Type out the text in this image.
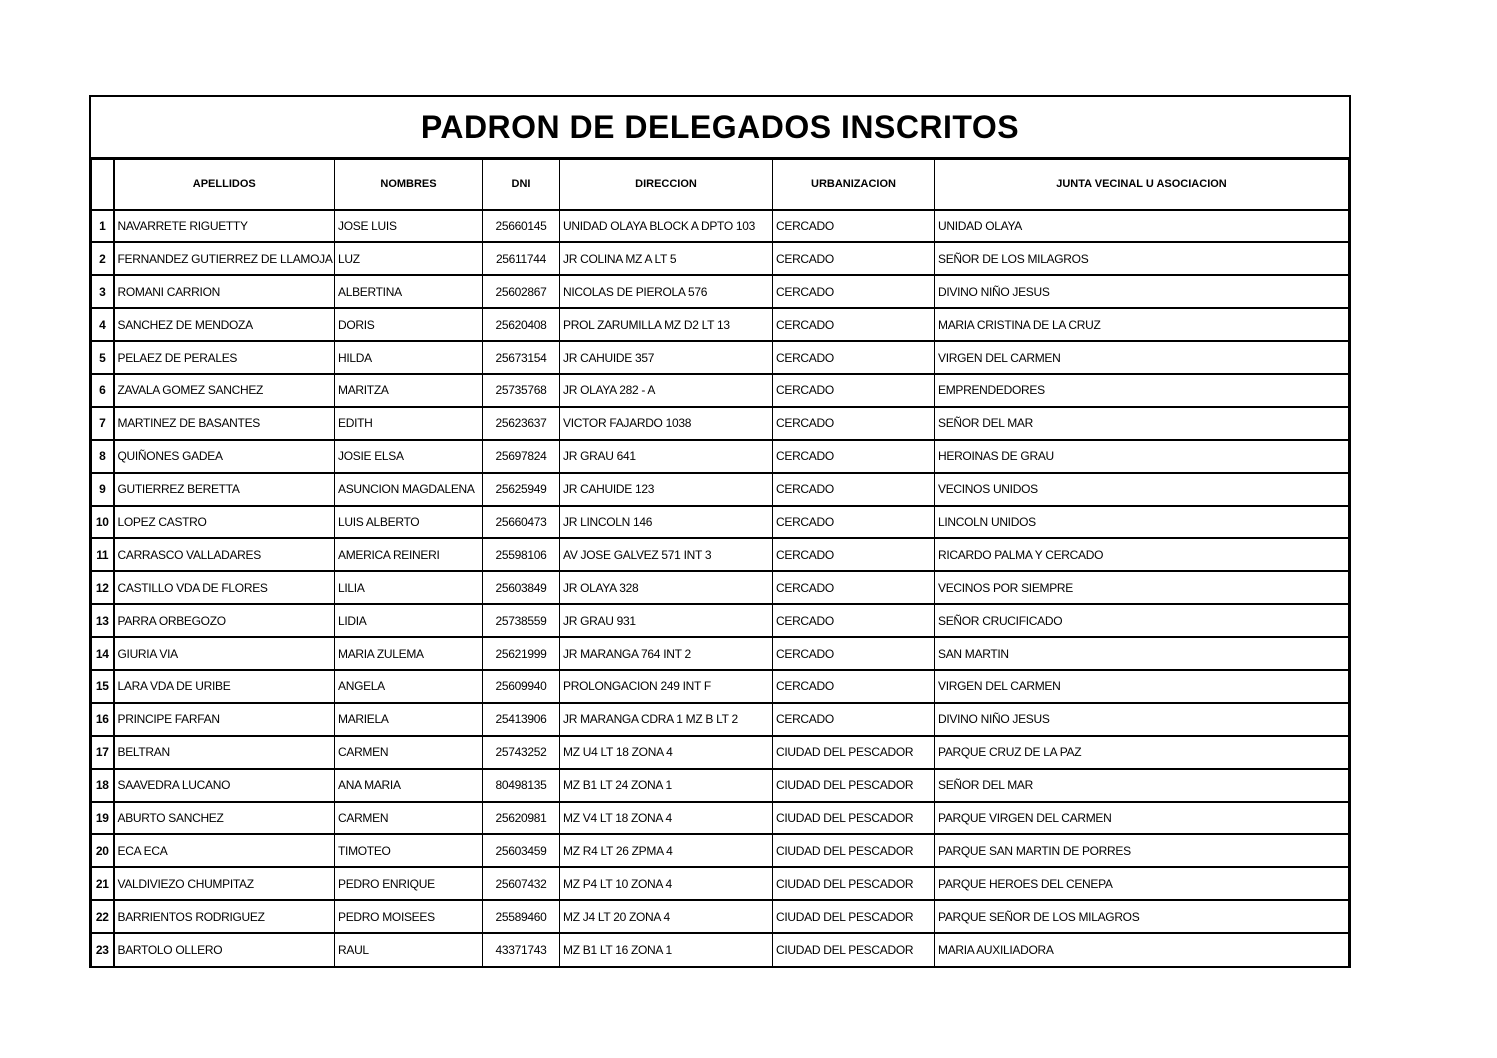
PADRON DE DELEGADOS INSCRITOS
	APELLIDOS	NOMBRES	DNI	DIRECCION	URBANIZACION	JUNTA VECINAL U ASOCIACION
1	NAVARRETE RIGUETTY	JOSE LUIS	25660145	UNIDAD OLAYA BLOCK A DPTO 103	CERCADO	UNIDAD OLAYA
2	FERNANDEZ GUTIERREZ DE LLAMOJA	LUZ	25611744	JR COLINA MZ A LT 5	CERCADO	SEÑOR DE LOS MILAGROS
3	ROMANI CARRION	ALBERTINA	25602867	NICOLAS DE PIEROLA 576	CERCADO	DIVINO NIÑO JESUS
4	SANCHEZ DE MENDOZA	DORIS	25620408	PROL ZARUMILLA MZ D2 LT 13	CERCADO	MARIA CRISTINA DE LA CRUZ
5	PELAEZ DE PERALES	HILDA	25673154	JR CAHUIDE 357	CERCADO	VIRGEN DEL CARMEN
6	ZAVALA GOMEZ SANCHEZ	MARITZA	25735768	JR OLAYA 282 - A	CERCADO	EMPRENDEDORES
7	MARTINEZ DE BASANTES	EDITH	25623637	VICTOR FAJARDO 1038	CERCADO	SEÑOR DEL MAR
8	QUIÑONES GADEA	JOSIE ELSA	25697824	JR GRAU 641	CERCADO	HEROINAS DE GRAU
9	GUTIERREZ BERETTA	ASUNCION MAGDALENA	25625949	JR CAHUIDE 123	CERCADO	VECINOS UNIDOS
10	LOPEZ CASTRO	LUIS ALBERTO	25660473	JR LINCOLN 146	CERCADO	LINCOLN UNIDOS
11	CARRASCO VALLADARES	AMERICA REINERI	25598106	AV JOSE GALVEZ 571 INT 3	CERCADO	RICARDO PALMA Y CERCADO
12	CASTILLO VDA DE FLORES	LILIA	25603849	JR OLAYA 328	CERCADO	VECINOS POR SIEMPRE
13	PARRA ORBEGOZO	LIDIA	25738559	JR GRAU 931	CERCADO	SEÑOR CRUCIFICADO
14	GIURIA VIA	MARIA ZULEMA	25621999	JR MARANGA 764 INT 2	CERCADO	SAN MARTIN
15	LARA VDA DE URIBE	ANGELA	25609940	PROLONGACION 249 INT F	CERCADO	VIRGEN DEL CARMEN
16	PRINCIPE FARFAN	MARIELA	25413906	JR MARANGA CDRA 1 MZ B LT 2	CERCADO	DIVINO NIÑO JESUS
17	BELTRAN	CARMEN	25743252	MZ U4 LT 18 ZONA 4	CIUDAD DEL PESCADOR	PARQUE CRUZ DE LA PAZ
18	SAAVEDRA LUCANO	ANA MARIA	80498135	MZ B1 LT 24 ZONA 1	CIUDAD DEL PESCADOR	SEÑOR DEL MAR
19	ABURTO SANCHEZ	CARMEN	25620981	MZ V4 LT 18 ZONA 4	CIUDAD DEL PESCADOR	PARQUE VIRGEN DEL CARMEN
20	ECA ECA	TIMOTEO	25603459	MZ R4 LT 26 ZPMA 4	CIUDAD DEL PESCADOR	PARQUE SAN MARTIN DE PORRES
21	VALDIVIEZO CHUMPITAZ	PEDRO ENRIQUE	25607432	MZ P4 LT 10 ZONA 4	CIUDAD DEL PESCADOR	PARQUE HEROES DEL CENEPA
22	BARRIENTOS RODRIGUEZ	PEDRO MOISEES	25589460	MZ J4 LT 20 ZONA 4	CIUDAD DEL PESCADOR	PARQUE SEÑOR DE LOS MILAGROS
23	BARTOLO OLLERO	RAUL	43371743	MZ B1 LT 16 ZONA 1	CIUDAD DEL PESCADOR	MARIA AUXILIADORA
